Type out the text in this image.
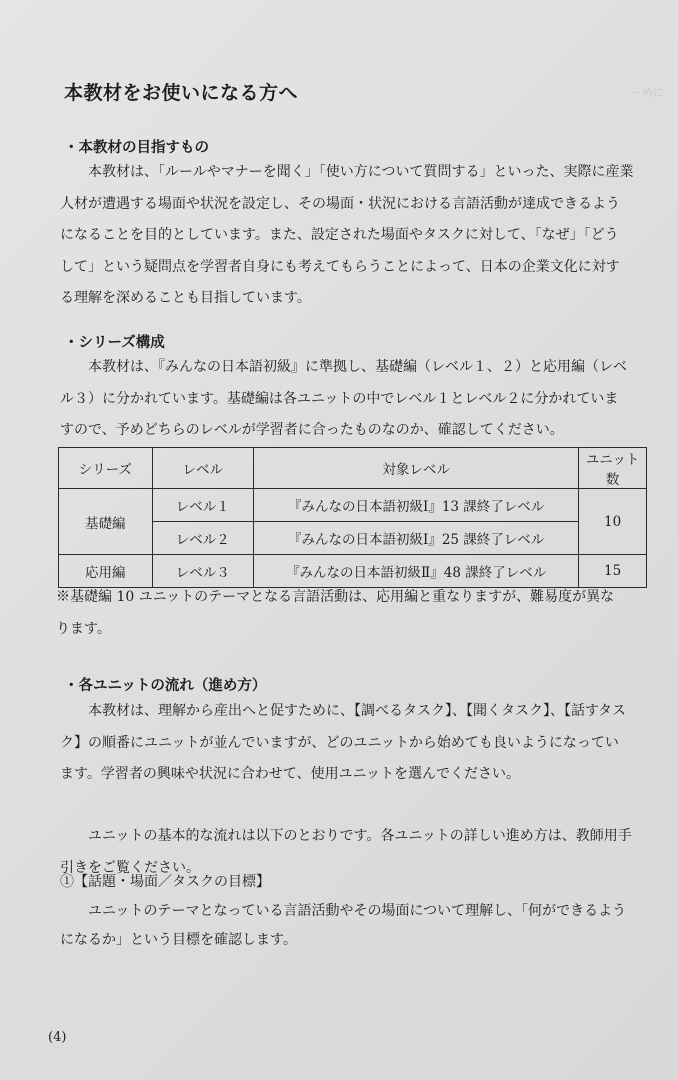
ーめに
本教材をお使いになる方へ
・本教材の目指すもの
本教材は、「ルールやマナーを聞く」「使い方について質問する」といった、実際に産業
人材が遭遇する場面や状況を設定し、その場面・状況における言語活動が達成できるよう
になることを目的としています。また、設定された場面やタスクに対して、「なぜ」「どう
して」という疑問点を学習者自身にも考えてもらうことによって、日本の企業文化に対す
る理解を深めることも目指しています。
・シリーズ構成
本教材は、『みんなの日本語初級』に準拠し、基礎編（レベル１、２）と応用編（レベ
ル３）に分かれています。基礎編は各ユニットの中でレベル１とレベル２に分かれていま
すので、予めどちらのレベルが学習者に合ったものなのか、確認してください。
シリーズ	レベル	対象レベル	ユニット数
基礎編	レベル１	『みんなの日本語初級Ⅰ』13 課終了レベル	10
	レベル２	『みんなの日本語初級Ⅰ』25 課終了レベル	
応用編	レベル３	『みんなの日本語初級Ⅱ』48 課終了レベル	15
※基礎編 10 ユニットのテーマとなる言語活動は、応用編と重なりますが、難易度が異な
ります。
・各ユニットの流れ（進め方）
本教材は、理解から産出へと促すために、【調べるタスク】、【聞くタスク】、【話すタス
ク】の順番にユニットが並んでいますが、どのユニットから始めても良いようになってい
ます。学習者の興味や状況に合わせて、使用ユニットを選んでください。
ユニットの基本的な流れは以下のとおりです。各ユニットの詳しい進め方は、教師用手
引きをご覧ください。
①【話題・場面／タスクの目標】
ユニットのテーマとなっている言語活動やその場面について理解し、「何ができるよう
になるか」という目標を確認します。
(4)
